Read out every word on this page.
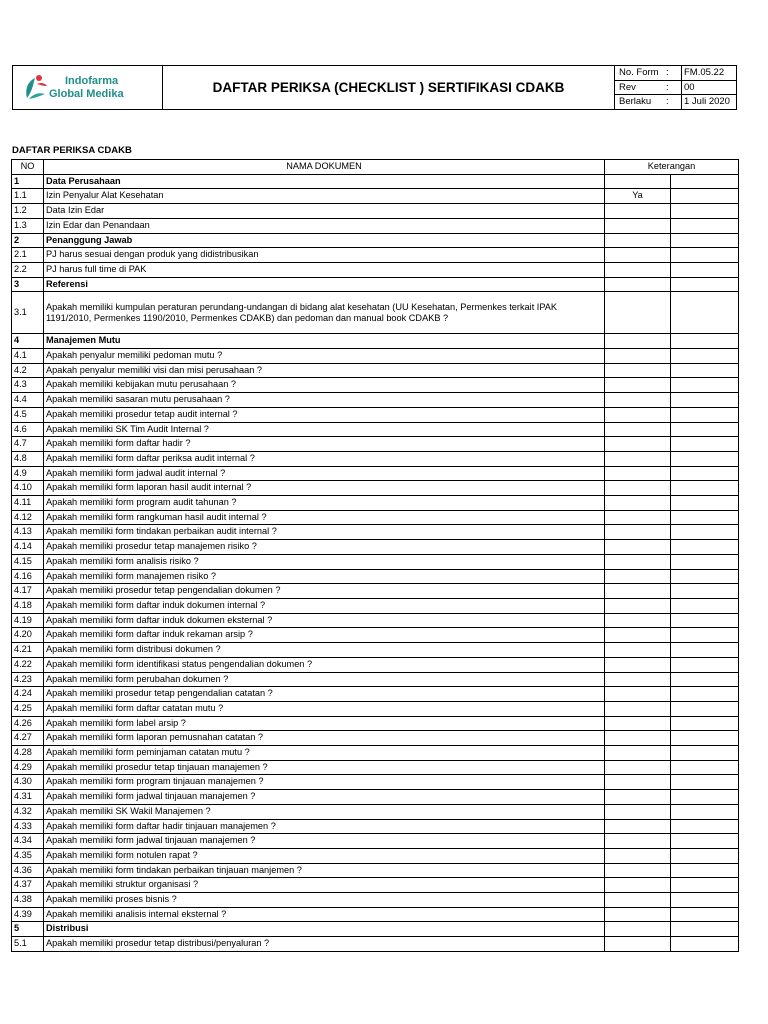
Indofarma
Global Medika	DAFTAR PERIKSA (CHECKLIST ) SERTIFIKASI CDAKB
No. Form :	FM.05.22
Rev	:	00
Berlaku :	1 Juli 2020
DAFTAR PERIKSA CDAKB
NO	NAMA DOKUMEN	Keterangan	
1	Data Perusahaan		
1.1	Izin Penyalur Alat Kesehatan	Ya	
1.2	Data Izin Edar		
1.3	Izin Edar dan Penandaan		
2	Penanggung Jawab		
2.1	PJ harus sesuai dengan produk yang didistribusikan		
2.2	PJ harus full time di PAK		
3	Referensi		
3.1	Apakah memiliki kumpulan peraturan perundang-undangan di bidang alat kesehatan (UU Kesehatan, Permenkes terkait IPAK 1191/2010, Permenkes 1190/2010, Permenkes CDAKB) dan pedoman dan manual book CDAKB ?		
4	Manajemen Mutu		
4.1	Apakah penyalur memiliki pedoman mutu ?		
4.2	Apakah penyalur memiliki visi dan misi perusahaan ?		
4.3	Apakah memiliki kebijakan mutu perusahaan ?		
4.4	Apakah memiliki sasaran mutu perusahaan ?		
4.5	Apakah memiliki prosedur tetap audit internal ?		
4.6	Apakah memiliki SK Tim Audit Internal ?		
4.7	Apakah memiliki form daftar hadir ?		
4.8	Apakah memiliki form daftar periksa audit internal ?		
4.9	Apakah memiliki form jadwal audit internal ?		
4.10	Apakah memiliki form laporan hasil audit internal ?		
4.11	Apakah memiliki form program audit tahunan ?		
4.12	Apakah memiliki form rangkuman hasil audit internal ?		
4.13	Apakah memiliki form tindakan perbaikan audit internal ?		
4.14	Apakah memiliki prosedur tetap manajemen risiko ?		
4.15	Apakah memiliki form analisis risiko ?		
4.16	Apakah memiliki form manajemen risiko ?		
4.17	Apakah memiliki prosedur tetap pengendalian dokumen ?		
4.18	Apakah memiliki form daftar induk dokumen internal ?		
4.19	Apakah memiliki form daftar induk dokumen eksternal ?		
4.20	Apakah memiliki form daftar induk rekaman arsip ?		
4.21	Apakah memiliki form distribusi dokumen ?		
4.22	Apakah memiliki form identifikasi status pengendalian dokumen ?		
4.23	Apakah memiliki form perubahan dokumen ?		
4.24	Apakah memiliki prosedur tetap pengendalian catatan ?		
4.25	Apakah memiliki form daftar catatan mutu ?		
4.26	Apakah memiliki form label arsip ?		
4.27	Apakah memiliki form laporan pemusnahan catatan ?		
4.28	Apakah memiliki form peminjaman catatan mutu ?		
4.29	Apakah memiliki prosedur tetap tinjauan manajemen ?		
4.30	Apakah memiliki form program tinjauan manajemen ?		
4.31	Apakah memiliki form jadwal tinjauan manajemen ?		
4.32	Apakah memiliki SK Wakil Manajemen ?		
4.33	Apakah memiliki form daftar hadir tinjauan manajemen ?		
4.34	Apakah memiliki form jadwal tinjauan manajemen ?		
4.35	Apakah memiliki form notulen rapat ?		
4.36	Apakah memiliki form tindakan perbaikan tinjauan manjemen ?		
4.37	Apakah memiliki struktur organisasi ?		
4.38	Apakah memiliki proses bisnis ?		
4.39	Apakah memiliki analisis internal eksternal ?		
5	Distribusi		
5.1	Apakah memiliki prosedur tetap distribusi/penyaluran ?		
